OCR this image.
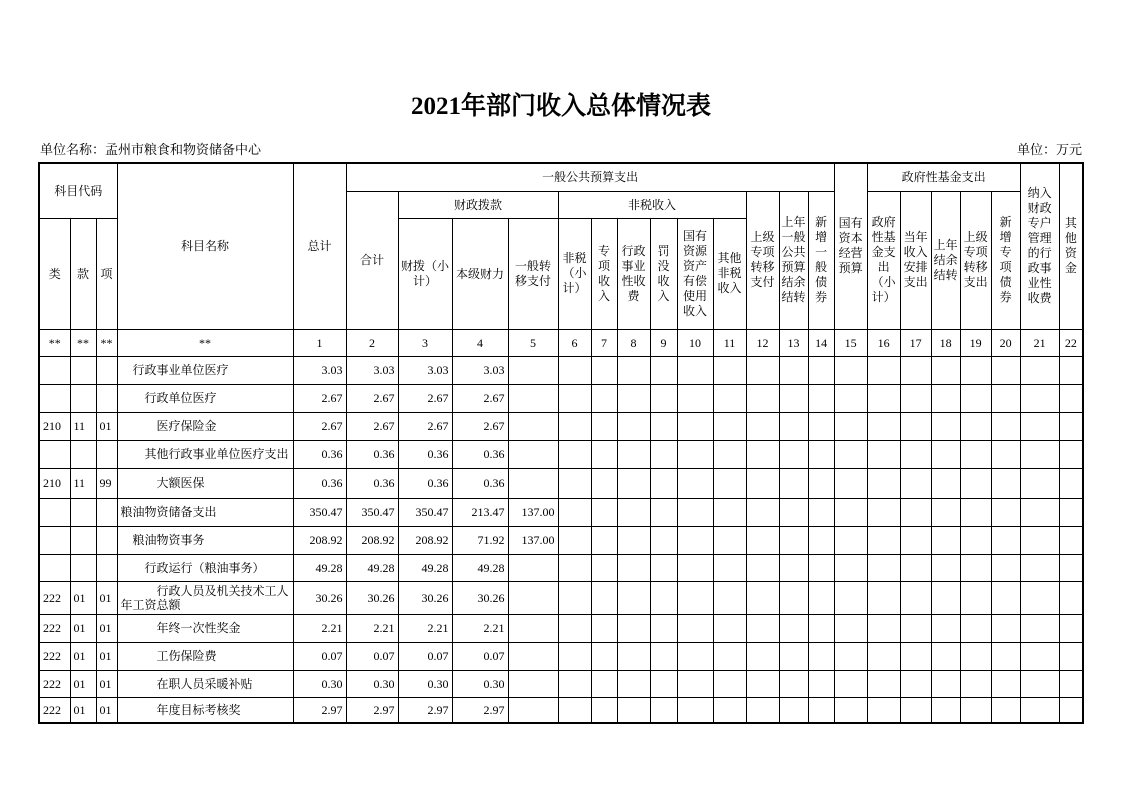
2021年部门收入总体情况表
单位名称：孟州市粮食和物资储备中心	单位：万元
科目代码			科目名称	总计	一般公共预算支出													国有资本经营预算	政府性基金支出					纳入财政专户管理的行政事业性收费	其他资金
					合计	财政拨款			非税收入						上级专项转移支付	上年一般公共预算结余结转	新增一般债券		政府性基金支出（小计）	当年收入安排支出	上年结余结转	上级专项转移支出	新增专项债券		
类	款	项				财拨（小计）	本级财力	一般转移支付	非税（小计）	专项收入	行政事业性收费	罚没收入	国有资源资产有偿使用收入	其他非税收入											
**	**	**	**	1	2	3	4	5	6	7	8	9	10	11	12	13	14	15	16	17	18	19	20	21	22
			行政事业单位医疗	3.03	3.03	3.03	3.03																		
			行政单位医疗	2.67	2.67	2.67	2.67																		
210	11	01	医疗保险金	2.67	2.67	2.67	2.67																		
			其他行政事业单位医疗支出	0.36	0.36	0.36	0.36																		
210	11	99	大额医保	0.36	0.36	0.36	0.36																		
			粮油物资储备支出	350.47	350.47	350.47	213.47	137.00																	
			粮油物资事务	208.92	208.92	208.92	71.92	137.00																	
			行政运行（粮油事务）	49.28	49.28	49.28	49.28																		
222	01	01	行政人员及机关技术工人年工资总额	30.26	30.26	30.26	30.26																		
222	01	01	年终一次性奖金	2.21	2.21	2.21	2.21																		
222	01	01	工伤保险费	0.07	0.07	0.07	0.07																		
222	01	01	在职人员采暖补贴	0.30	0.30	0.30	0.30																		
222	01	01	年度目标考核奖	2.97	2.97	2.97	2.97																		
